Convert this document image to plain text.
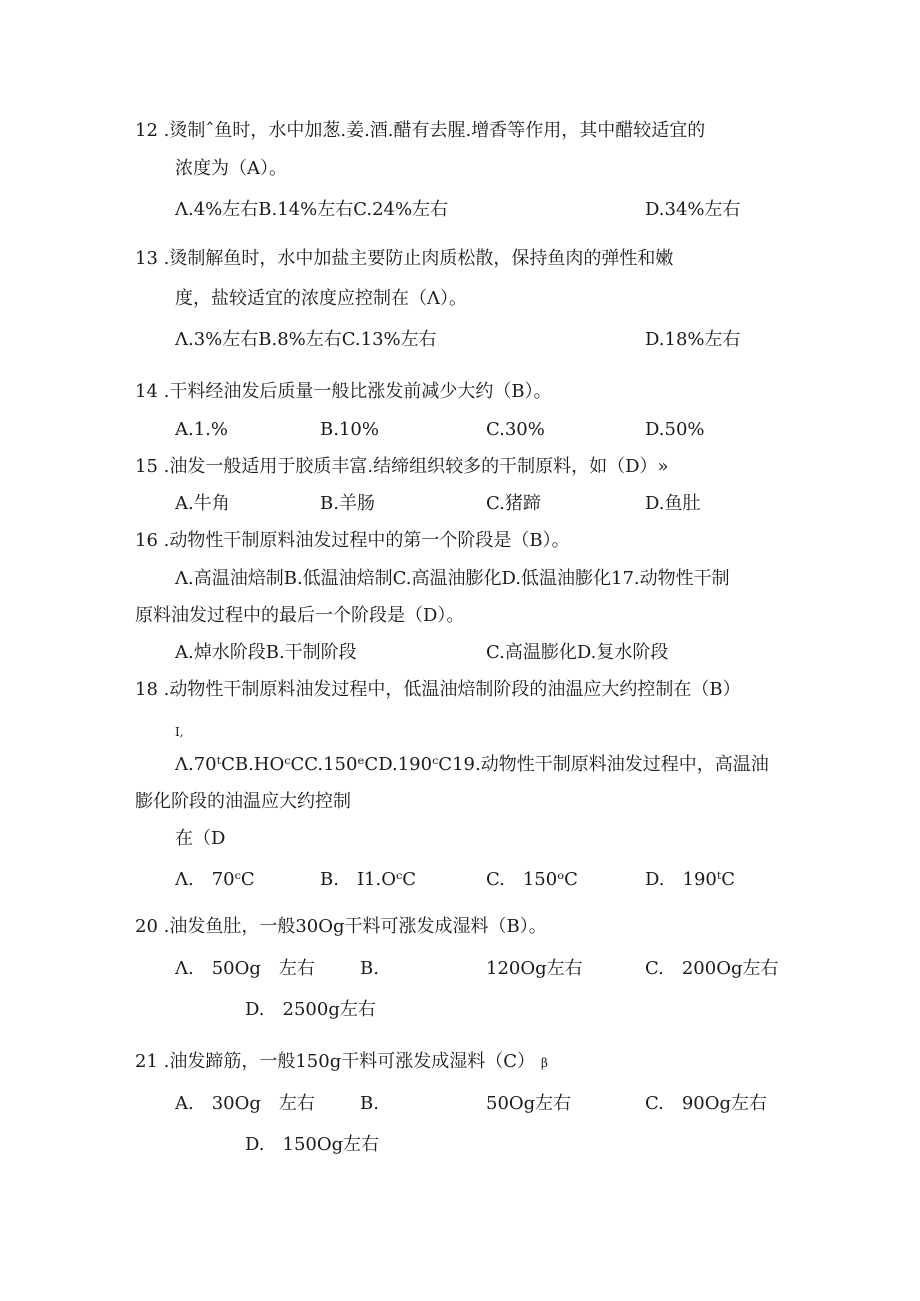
12 .烫制ˆ鱼时，水中加葱.姜.酒.醋有去腥.增香等作用，其中醋较适宜的
浓度为（A）。
Λ.4%左右B.14%左右C.24%左右	D.34%左右
13 .烫制解鱼时，水中加盐主要防止肉质松散，保持鱼肉的弹性和嫩
度，盐较适宜的浓度应控制在（Λ）。
Λ.3%左右B.8%左右C.13%左右	D.18%左右
14 .干料经油发后质量一般比涨发前减少大约（B）。
A.1.%	B.10%	C.30%	D.50%
15 .油发一般适用于胶质丰富.结缔组织较多的干制原料，如（D）»
A.牛角	B.羊肠	C.猪蹄	D.鱼肚
16 .动物性干制原料油发过程中的第一个阶段是（B）。
Λ.高温油焙制B.低温油焙制C.高温油膨化D.低温油膨化17.动物性干制
原料油发过程中的最后一个阶段是（D）。
A.焯水阶段B.干制阶段	C.高温膨化D.复水阶段
18 .动物性干制原料油发过程中，低温油焙制阶段的油温应大约控制在（B）
I,
Λ.70ᵗCB.HOᶜCC.150ᵉCD.190ᶜC19.动物性干制原料油发过程中，高温油
膨化阶段的油温应大约控制
在（D
Λ.　70ᶜC	B.　I1.OᶜC	C.　150ᵒC	D.　190ᵗC
20 .油发鱼肚，一般30Og干料可涨发成湿料（B）。
Λ.　50Og　左右	B.	120Og左右	C.　200Og左右
D.　2500g左右
21 .油发蹄筋，一般150g干料可涨发成湿料（C） β
A.　30Og　左右	B.	50Og左右	C.　90Og左右
D.　150Og左右
